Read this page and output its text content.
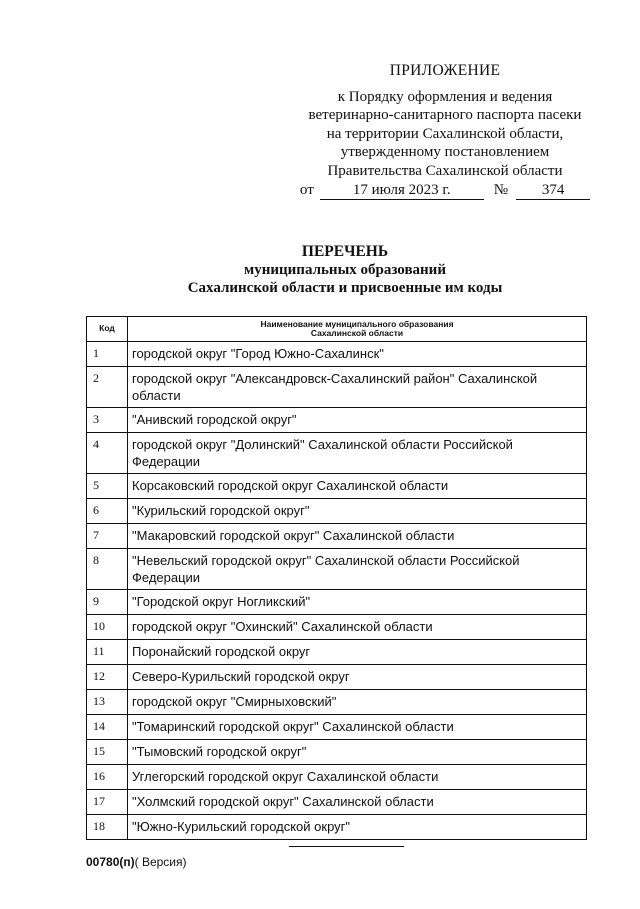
ПРИЛОЖЕНИЕ
к Порядку оформления и ведения
ветеринарно-санитарного паспорта пасеки
на территории Сахалинской области,
утвержденному постановлением
Правительства Сахалинской области
от	17 июля 2023 г.	№	374
ПЕРЕЧЕНЬ
муниципальных образований
Сахалинской области и присвоенные им коды
Код	Наименование муниципального образования
Сахалинской области

1	городской округ "Город Южно-Сахалинск"
2	городской округ "Александровск-Сахалинский район" Сахалинской области
3	"Анивский городской округ"
4	городской округ "Долинский" Сахалинской области Российской Федерации
5	Корсаковский городской округ Сахалинской области
6	"Курильский городской округ"
7	"Макаровский городской округ" Сахалинской области
8	"Невельский городской округ" Сахалинской области Российской Федерации
9	"Городской округ Ногликский"
10	городской округ "Охинский" Сахалинской области
11	Поронайский городской округ
12	Северо-Курильский городской округ
13	городской округ "Смирныховский"
14	"Томаринский городской округ" Сахалинской области
15	"Тымовский городской округ"
16	Углегорский городской округ Сахалинской области
17	"Холмский городской округ" Сахалинской области
18	"Южно-Курильский городской округ"
00780(п)( Версия)
